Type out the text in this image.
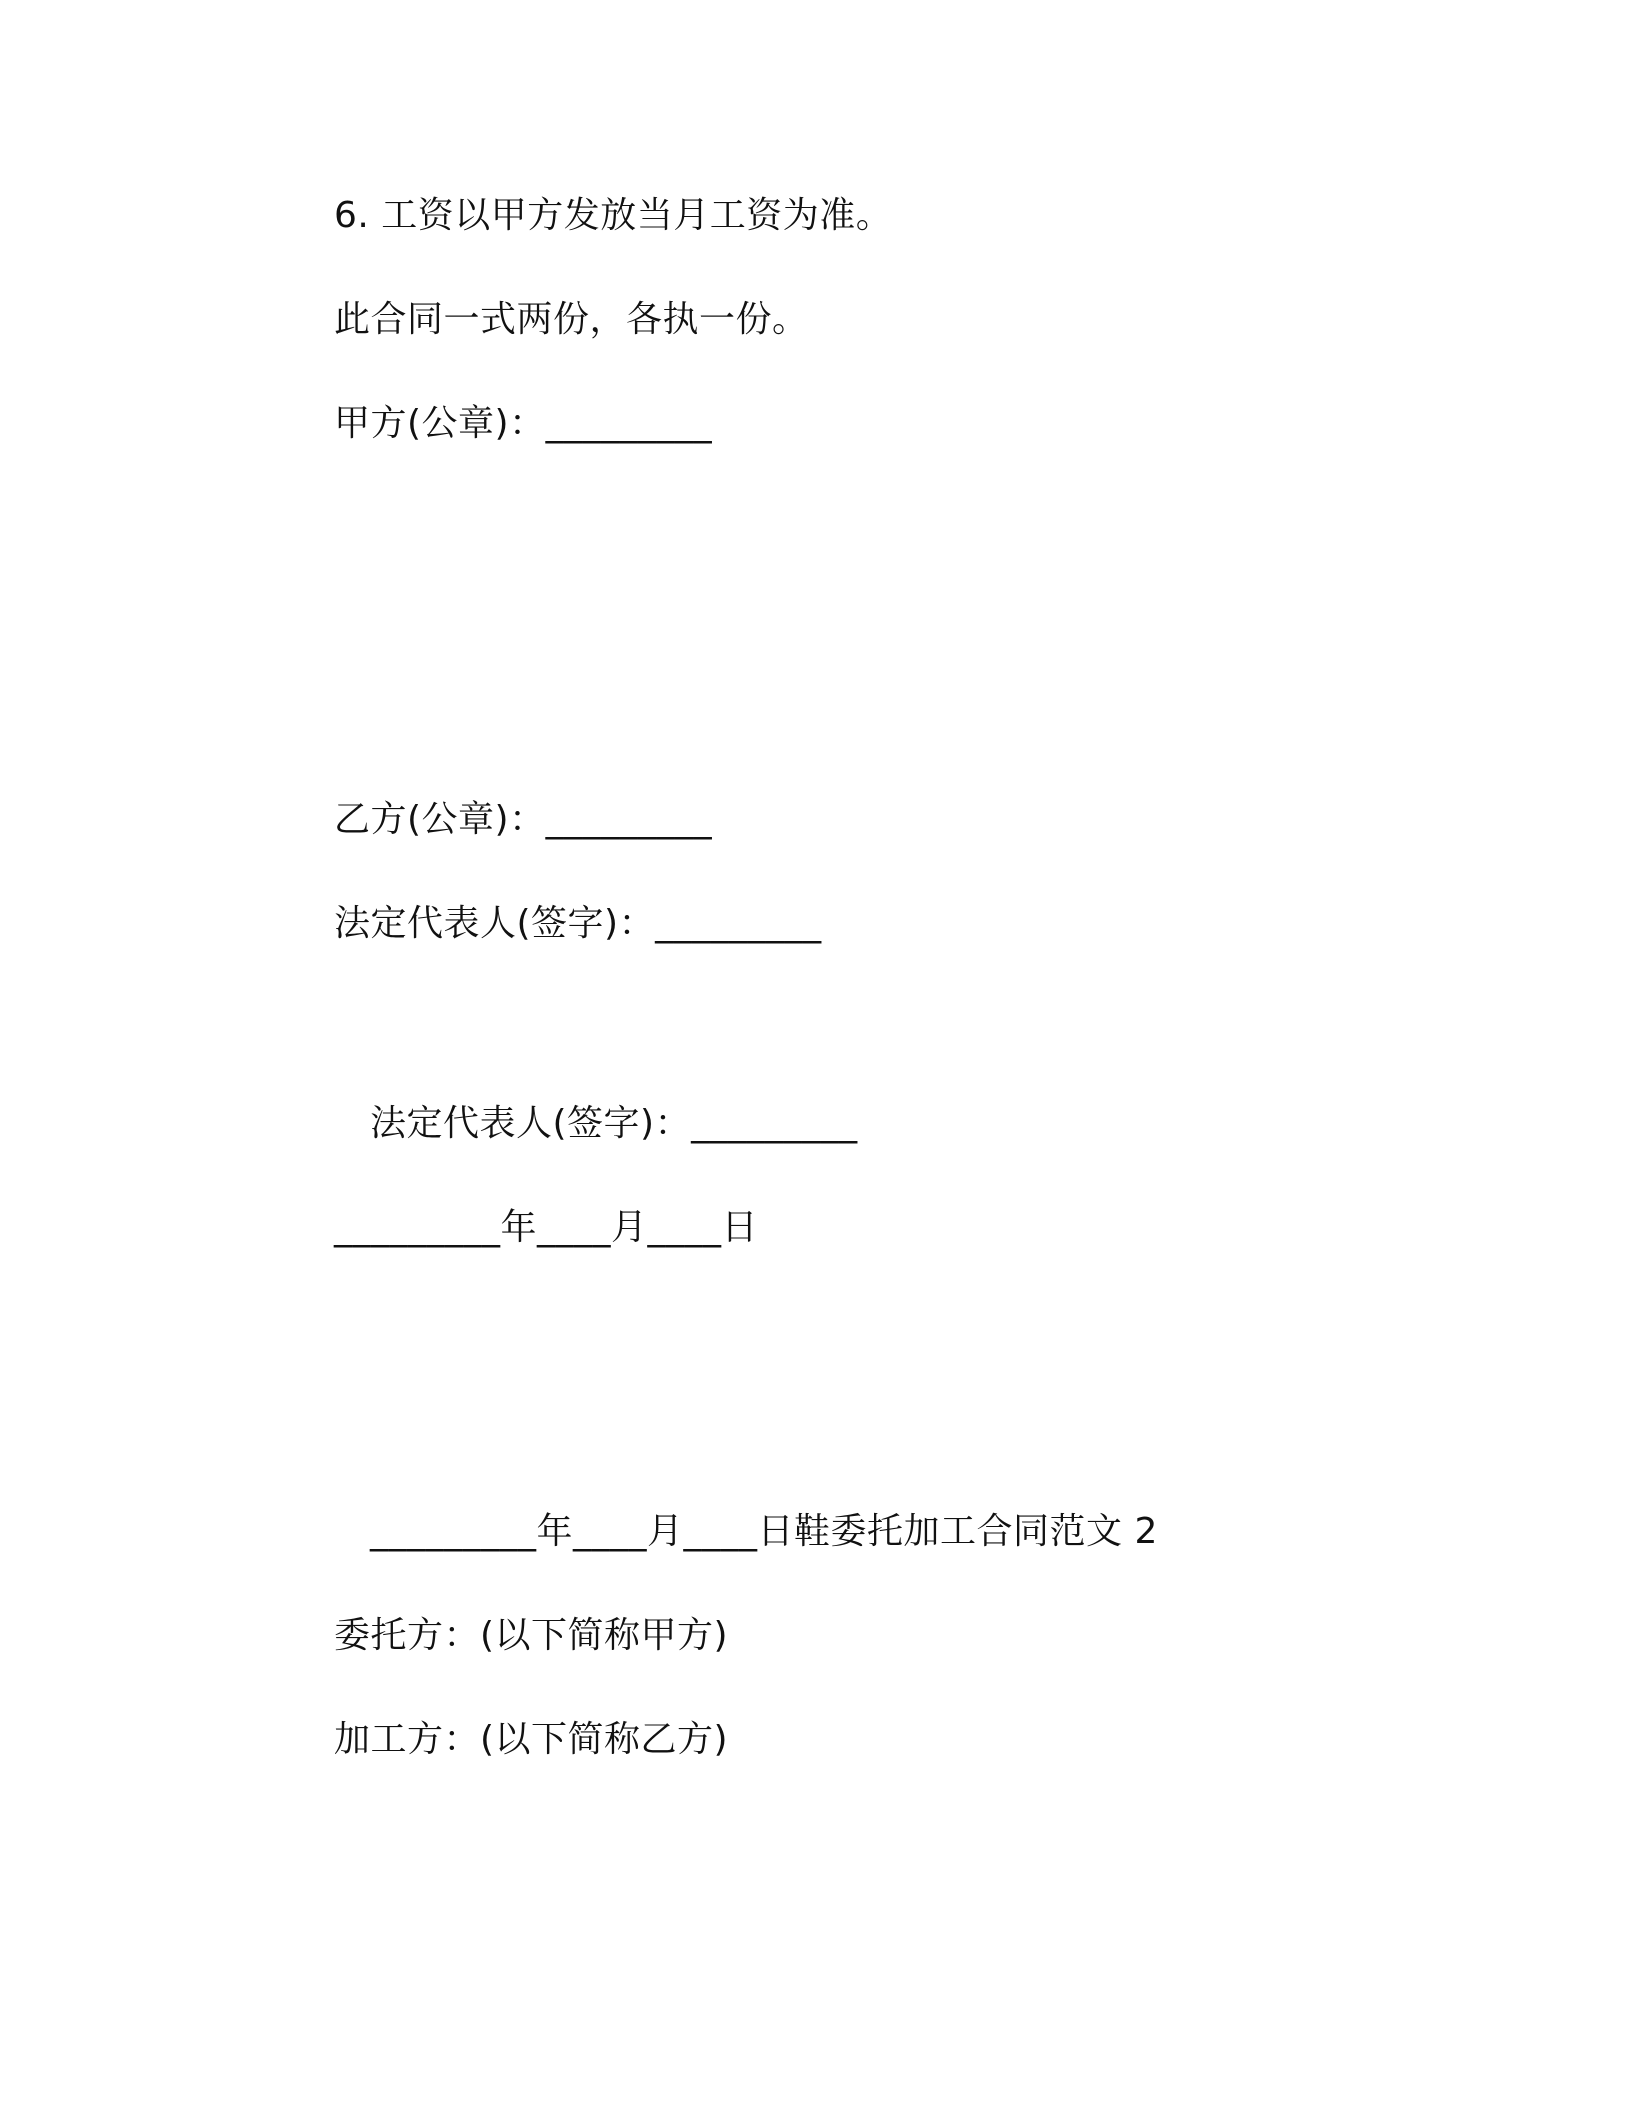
6. 工资以甲方发放当月工资为准。
此合同一式两份，各执一份。
甲方(公章)：_________
乙方(公章)：_________
法定代表人(签字)：_________
法定代表人(签字)：_________
_________年____月____日
_________年____月____日鞋委托加工合同范文 2
委托方：(以下简称甲方)
加工方：(以下简称乙方)
